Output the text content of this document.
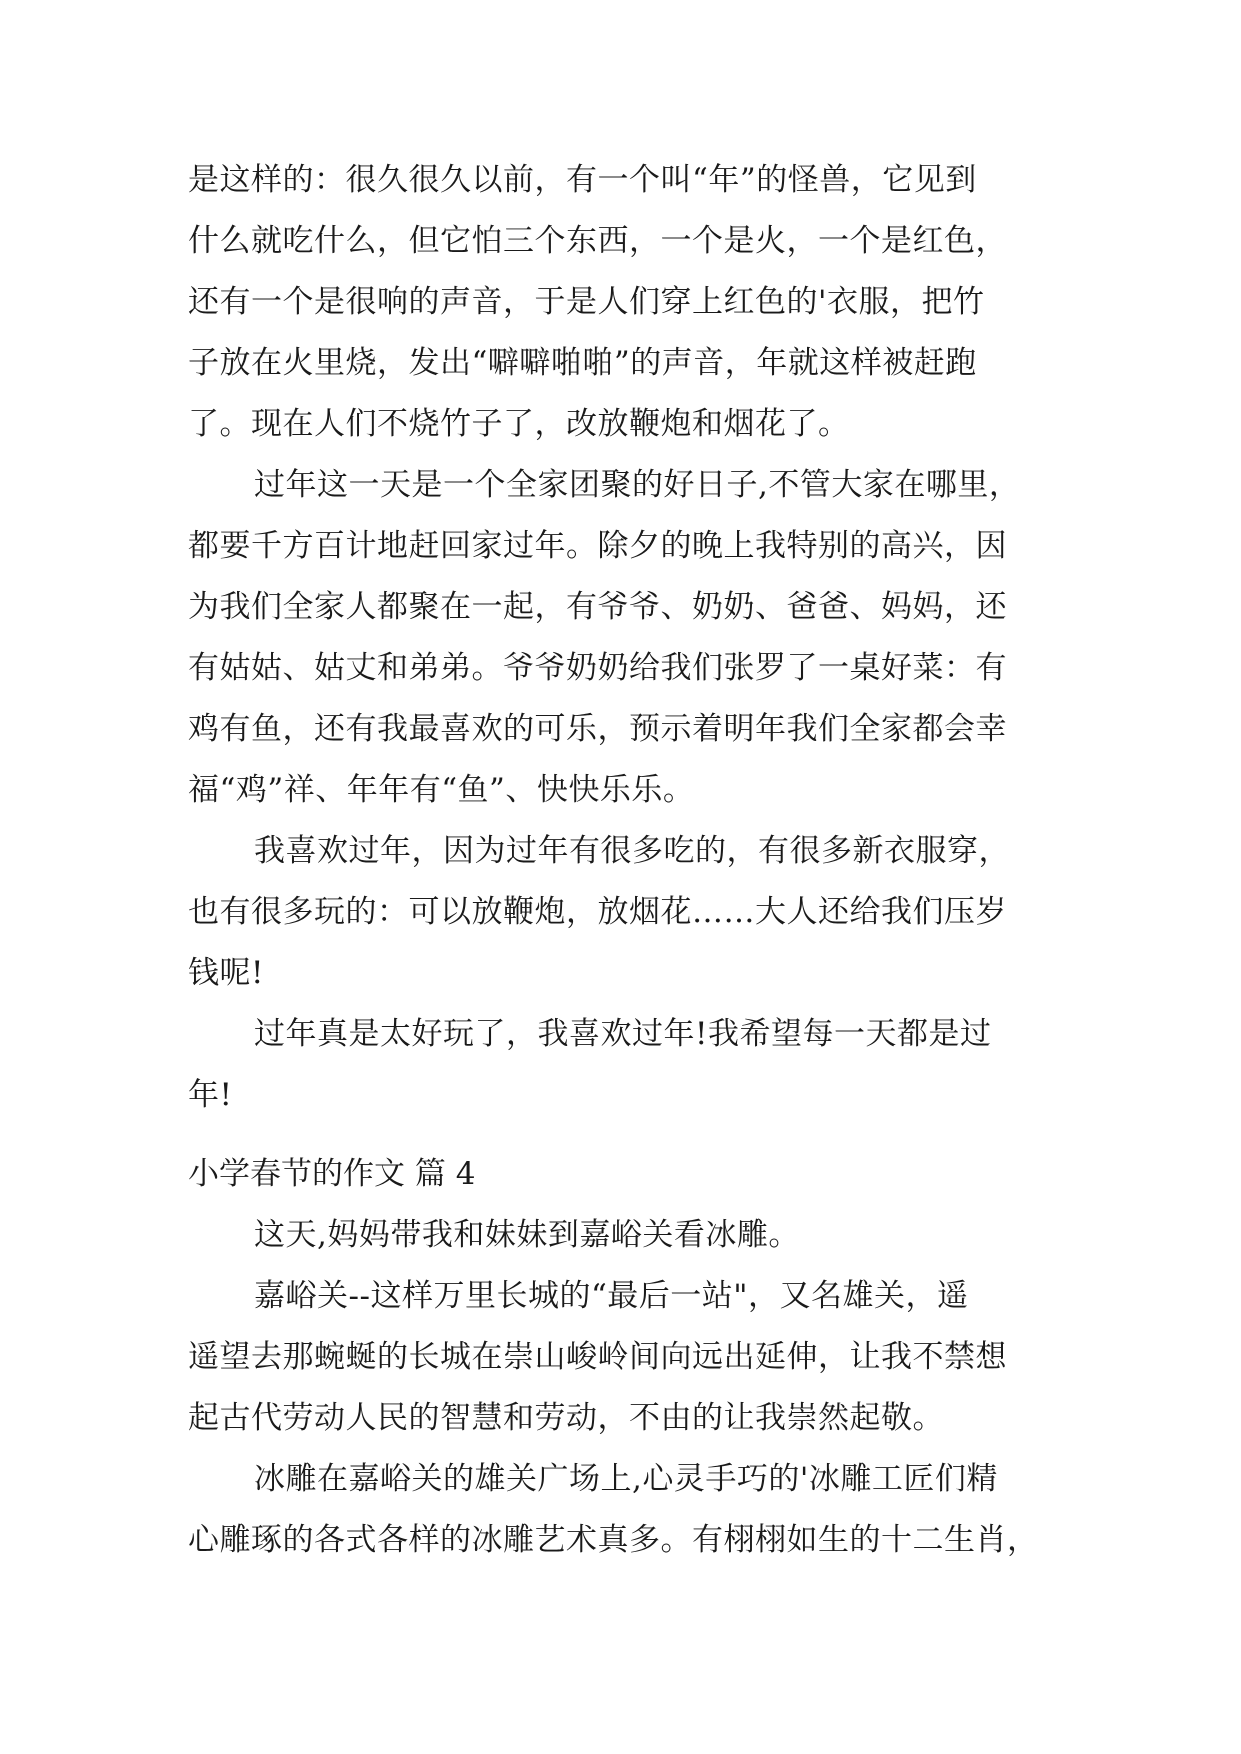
是这样的：很久很久以前，有一个叫“年”的怪兽，它见到
什么就吃什么，但它怕三个东西，一个是火，一个是红色，
还有一个是很响的声音，于是人们穿上红色的'衣服，把竹
子放在火里烧，发出“噼噼啪啪”的声音，年就这样被赶跑
了。现在人们不烧竹子了，改放鞭炮和烟花了。
过年这一天是一个全家团聚的好日子,不管大家在哪里，
都要千方百计地赶回家过年。除夕的晚上我特别的高兴，因
为我们全家人都聚在一起，有爷爷、奶奶、爸爸、妈妈，还
有姑姑、姑丈和弟弟。爷爷奶奶给我们张罗了一桌好菜：有
鸡有鱼，还有我最喜欢的可乐，预示着明年我们全家都会幸
福“鸡”祥、年年有“鱼”、快快乐乐。
我喜欢过年，因为过年有很多吃的，有很多新衣服穿，
也有很多玩的：可以放鞭炮，放烟花……大人还给我们压岁
钱呢!
过年真是太好玩了，我喜欢过年!我希望每一天都是过
年!
小学春节的作文 篇 4
这天,妈妈带我和妹妹到嘉峪关看冰雕。
嘉峪关--这样万里长城的“最后一站"，又名雄关，遥
遥望去那蜿蜒的长城在崇山峻岭间向远出延伸，让我不禁想
起古代劳动人民的智慧和劳动，不由的让我崇然起敬。
冰雕在嘉峪关的雄关广场上,心灵手巧的'冰雕工匠们精
心雕琢的各式各样的冰雕艺术真多。有栩栩如生的十二生肖，
